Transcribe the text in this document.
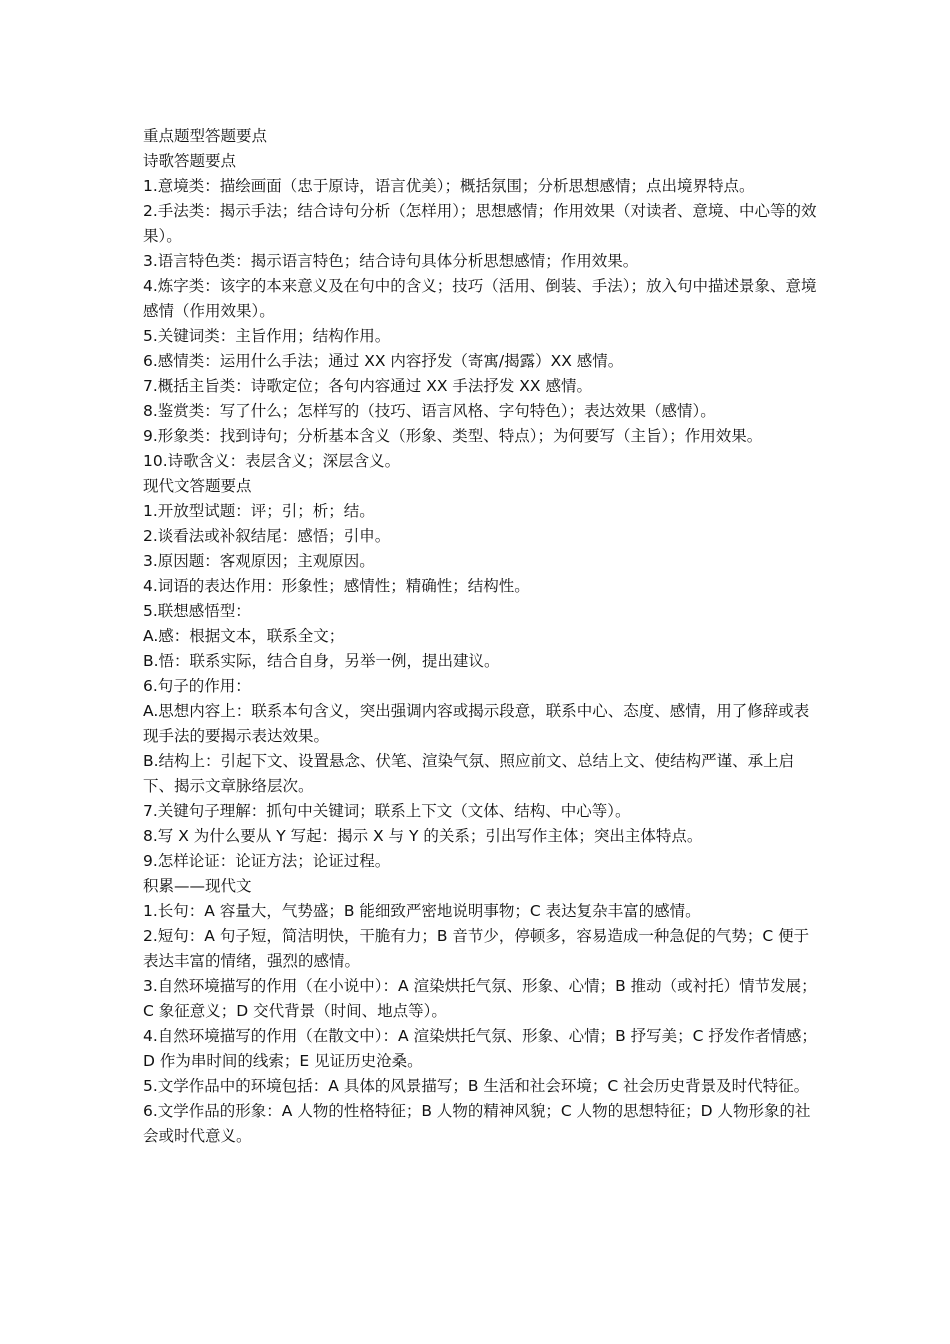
重点题型答题要点

诗歌答题要点

1.意境类：描绘画面（忠于原诗，语言优美）；概括氛围；分析思想感情；点出境界特点。

2.手法类：揭示手法；结合诗句分析（怎样用）；思想感情；作用效果（对读者、意境、中心等的效果）。

3.语言特色类：揭示语言特色；结合诗句具体分析思想感情；作用效果。

4.炼字类：该字的本来意义及在句中的含义；技巧（活用、倒装、手法）；放入句中描述景象、意境感情（作用效果）。

5.关键词类：主旨作用；结构作用。

6.感情类：运用什么手法；通过 XX 内容抒发（寄寓/揭露）XX 感情。

7.概括主旨类：诗歌定位；各句内容通过 XX 手法抒发 XX 感情。

8.鉴赏类：写了什么；怎样写的（技巧、语言风格、字句特色）；表达效果（感情）。

9.形象类：找到诗句；分析基本含义（形象、类型、特点）；为何要写（主旨）；作用效果。

10.诗歌含义：表层含义；深层含义。

现代文答题要点

1.开放型试题：评；引；析；结。

2.谈看法或补叙结尾：感悟；引申。

3.原因题：客观原因；主观原因。

4.词语的表达作用：形象性；感情性；精确性；结构性。

5.联想感悟型：

A.感：根据文本，联系全文；

B.悟：联系实际，结合自身，另举一例，提出建议。

6.句子的作用：

A.思想内容上：联系本句含义，突出强调内容或揭示段意，联系中心、态度、感情，用了修辞或表现手法的要揭示表达效果。

B.结构上：引起下文、设置悬念、伏笔、渲染气氛、照应前文、总结上文、使结构严谨、承上启下、揭示文章脉络层次。

7.关键句子理解：抓句中关键词；联系上下文（文体、结构、中心等）。

8.写 X 为什么要从 Y 写起：揭示 X 与 Y 的关系；引出写作主体；突出主体特点。

9.怎样论证：论证方法；论证过程。

积累——现代文

1.长句：A 容量大，气势盛；B 能细致严密地说明事物；C 表达复杂丰富的感情。

2.短句：A 句子短，简洁明快，干脆有力；B 音节少，停顿多，容易造成一种急促的气势；C 便于表达丰富的情绪，强烈的感情。

3.自然环境描写的作用（在小说中）：A 渲染烘托气氛、形象、心情；B 推动（或衬托）情节发展；C 象征意义；D 交代背景（时间、地点等）。

4.自然环境描写的作用（在散文中）：A 渲染烘托气氛、形象、心情；B 抒写美；C 抒发作者情感；D 作为串时间的线索；E 见证历史沧桑。

5.文学作品中的环境包括：A 具体的风景描写；B 生活和社会环境；C 社会历史背景及时代特征。

6.文学作品的形象：A 人物的性格特征；B 人物的精神风貌；C 人物的思想特征；D 人物形象的社会或时代意义。
